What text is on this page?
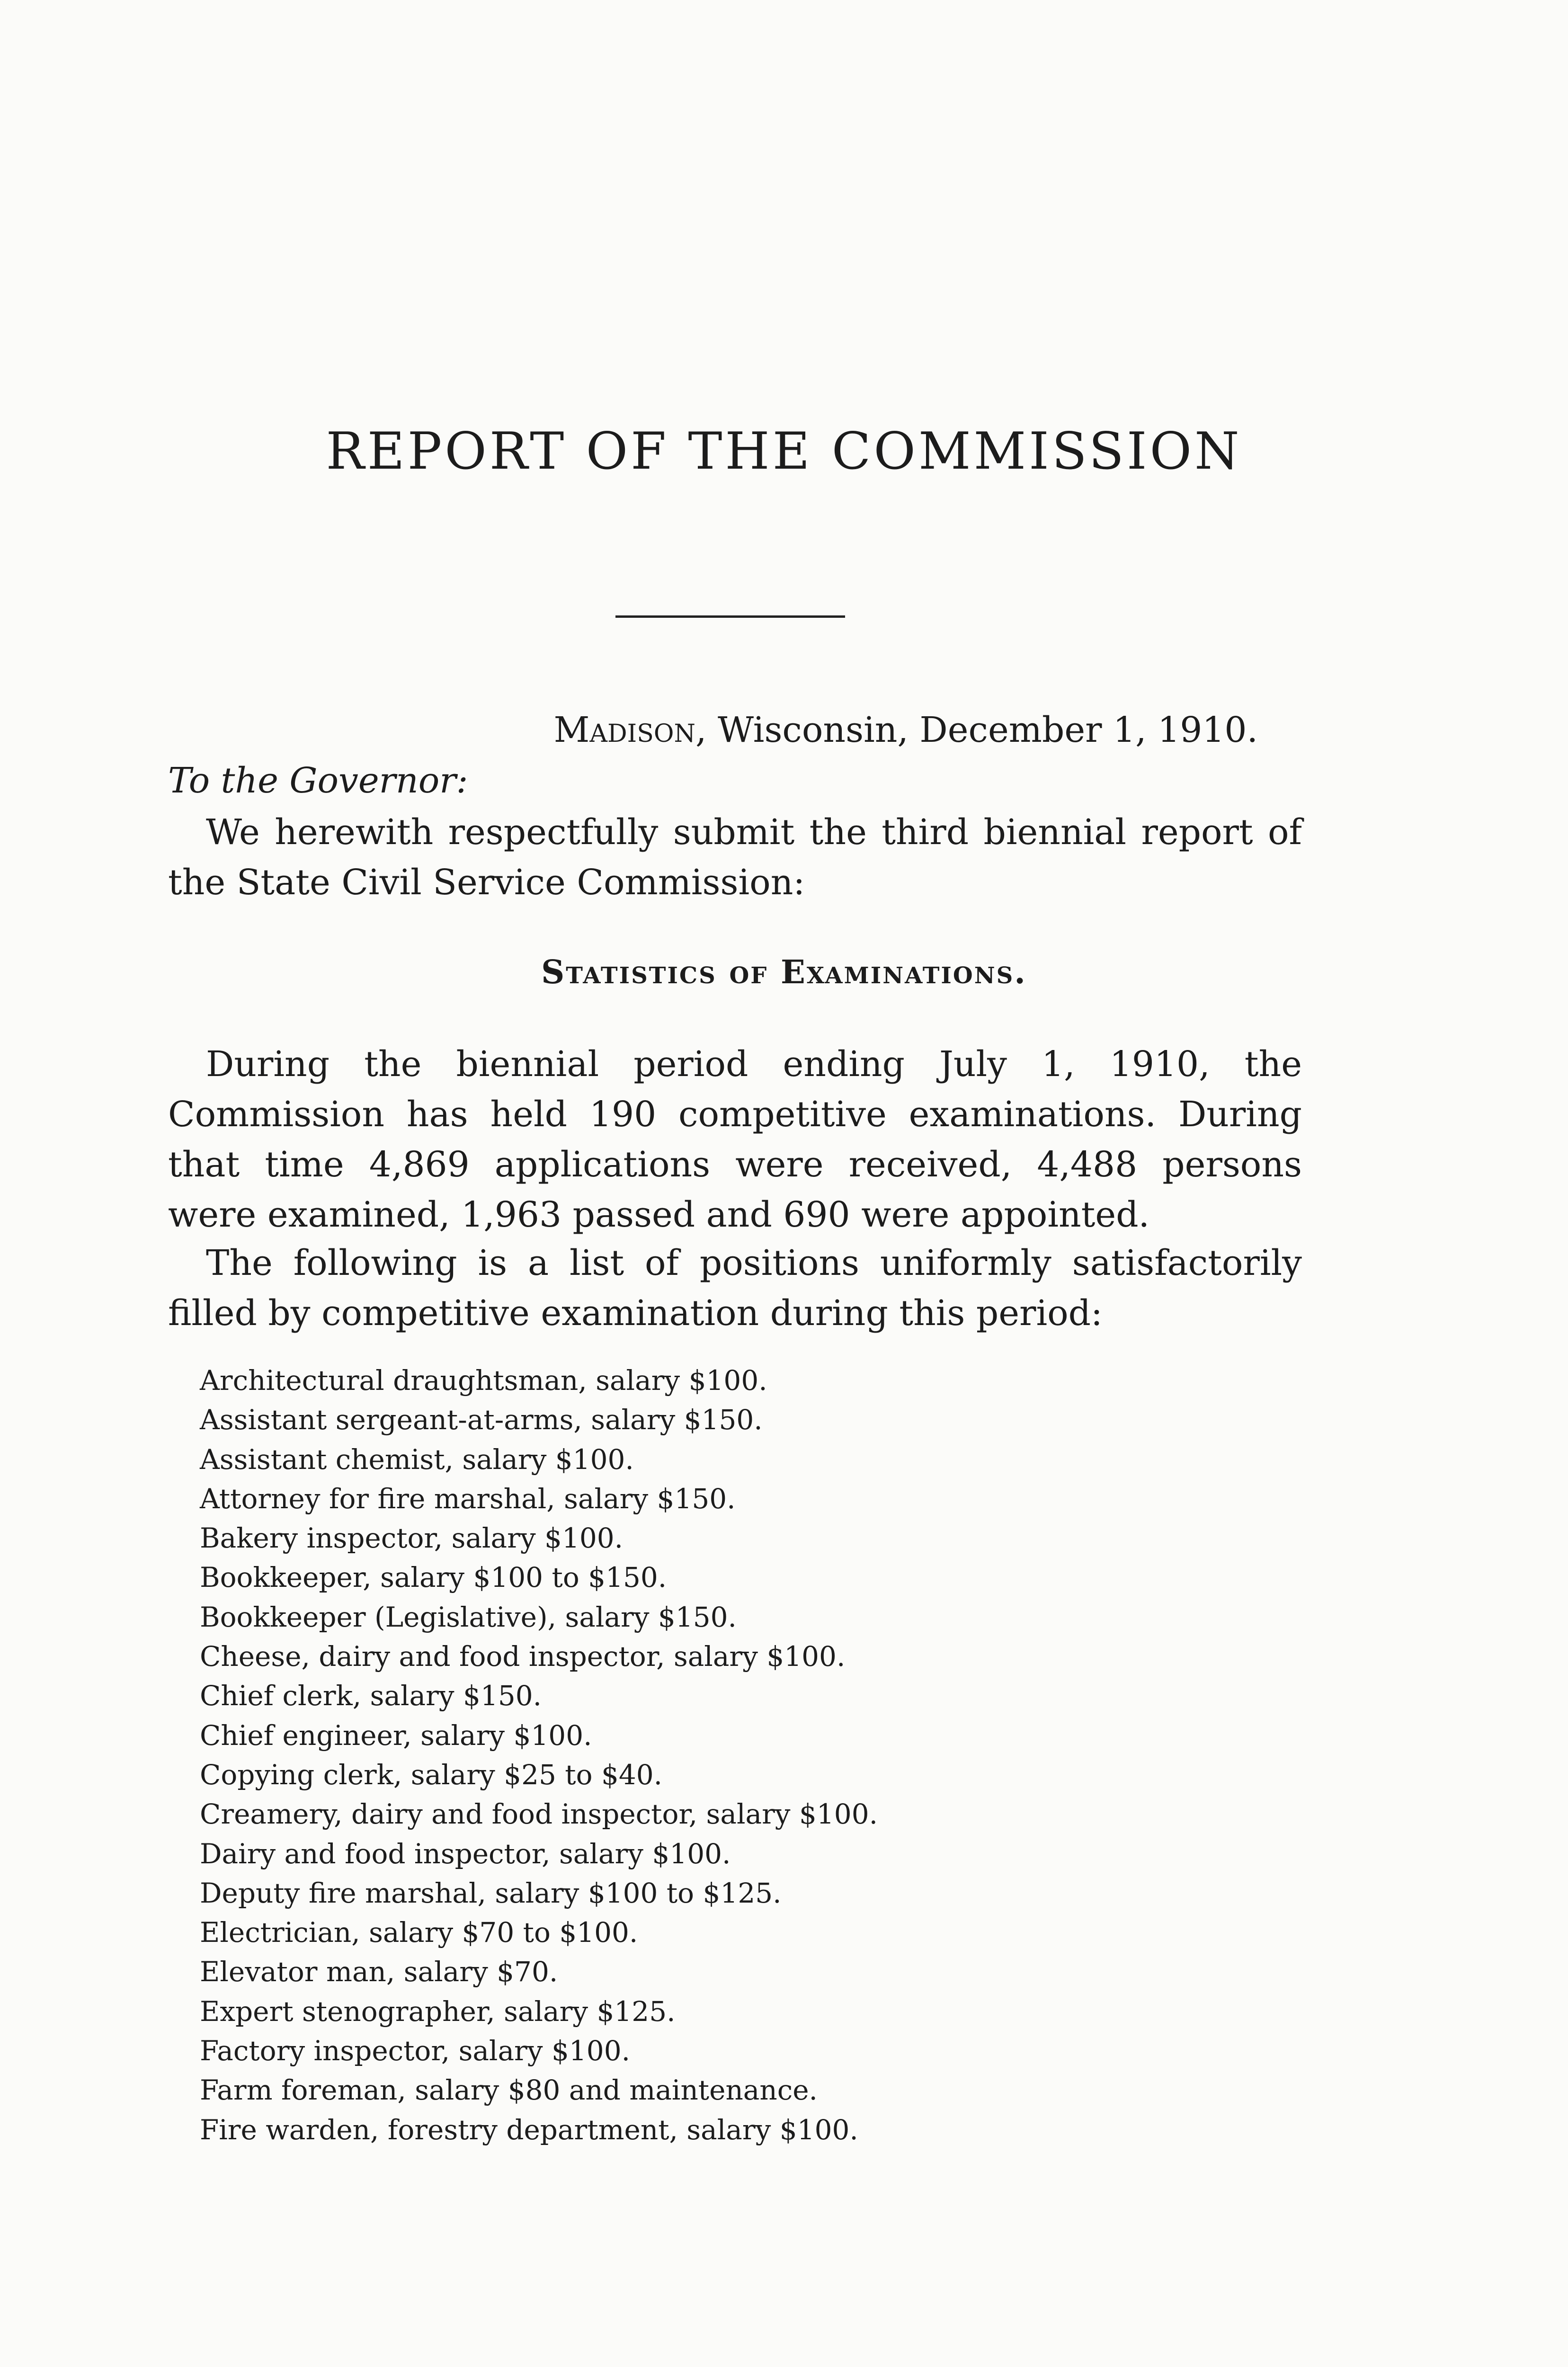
REPORT OF THE COMMISSION
Madison, Wisconsin, December 1, 1910.
To the Governor:

We herewith respectfully submit the third biennial report of the State Civil Service Commission:

Statistics of Examinations.

During the biennial period ending July 1, 1910, the Commission has held 190 competitive examinations. During that time 4,869 applications were received, 4,488 persons were examined, 1,963 passed and 690 were appointed.

The following is a list of positions uniformly satisfactorily filled by competitive examination during this period:

Architectural draughtsman, salary $100.
Assistant sergeant-at-arms, salary $150.
Assistant chemist, salary $100.
Attorney for fire marshal, salary $150.
Bakery inspector, salary $100.
Bookkeeper, salary $100 to $150.
Bookkeeper (Legislative), salary $150.
Cheese, dairy and food inspector, salary $100.
Chief clerk, salary $150.
Chief engineer, salary $100.
Copying clerk, salary $25 to $40.
Creamery, dairy and food inspector, salary $100.
Dairy and food inspector, salary $100.
Deputy fire marshal, salary $100 to $125.
Electrician, salary $70 to $100.
Elevator man, salary $70.
Expert stenographer, salary $125.
Factory inspector, salary $100.
Farm foreman, salary $80 and maintenance.
Fire warden, forestry department, salary $100.
